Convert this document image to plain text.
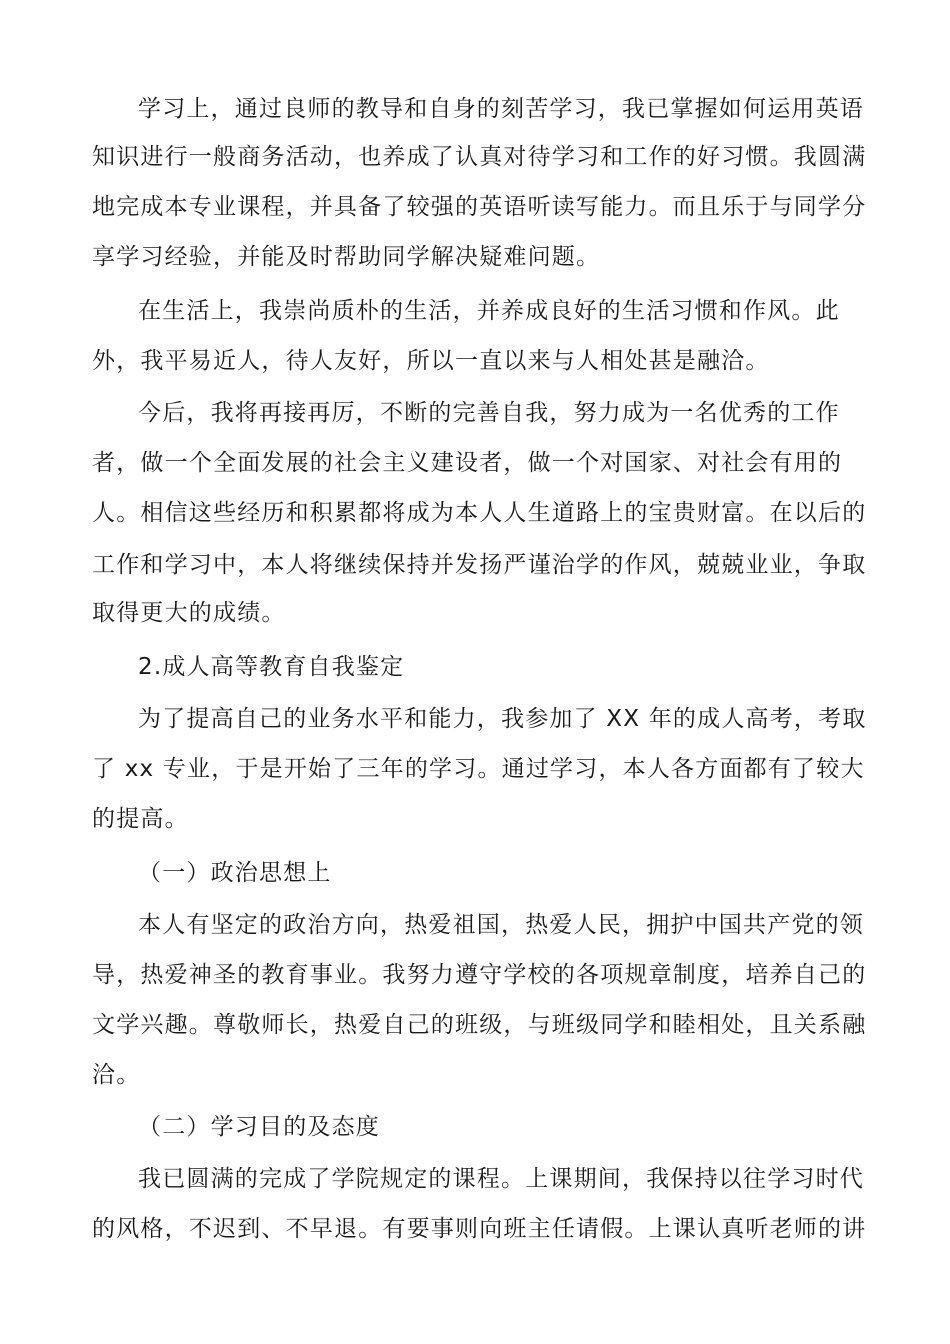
学习上，通过良师的教导和自身的刻苦学习，我已掌握如何运用英语
知识进行一般商务活动，也养成了认真对待学习和工作的好习惯。我圆满
地完成本专业课程，并具备了较强的英语听读写能力。而且乐于与同学分
享学习经验，并能及时帮助同学解决疑难问题。
在生活上，我崇尚质朴的生活，并养成良好的生活习惯和作风。此
外，我平易近人，待人友好，所以一直以来与人相处甚是融洽。
今后，我将再接再厉，不断的完善自我，努力成为一名优秀的工作
者，做一个全面发展的社会主义建设者，做一个对国家、对社会有用的
人。相信这些经历和积累都将成为本人人生道路上的宝贵财富。在以后的
工作和学习中，本人将继续保持并发扬严谨治学的作风，兢兢业业，争取
取得更大的成绩。
2.成人高等教育自我鉴定
为了提高自己的业务水平和能力，我参加了 XX 年的成人高考，考取
了 xx 专业，于是开始了三年的学习。通过学习，本人各方面都有了较大
的提高。
（一）政治思想上
本人有坚定的政治方向，热爱祖国，热爱人民，拥护中国共产党的领
导，热爱神圣的教育事业。我努力遵守学校的各项规章制度，培养自己的
文学兴趣。尊敬师长，热爱自己的班级，与班级同学和睦相处，且关系融
洽。
（二）学习目的及态度
我已圆满的完成了学院规定的课程。上课期间，我保持以往学习时代
的风格，不迟到、不早退。有要事则向班主任请假。上课认真听老师的讲
